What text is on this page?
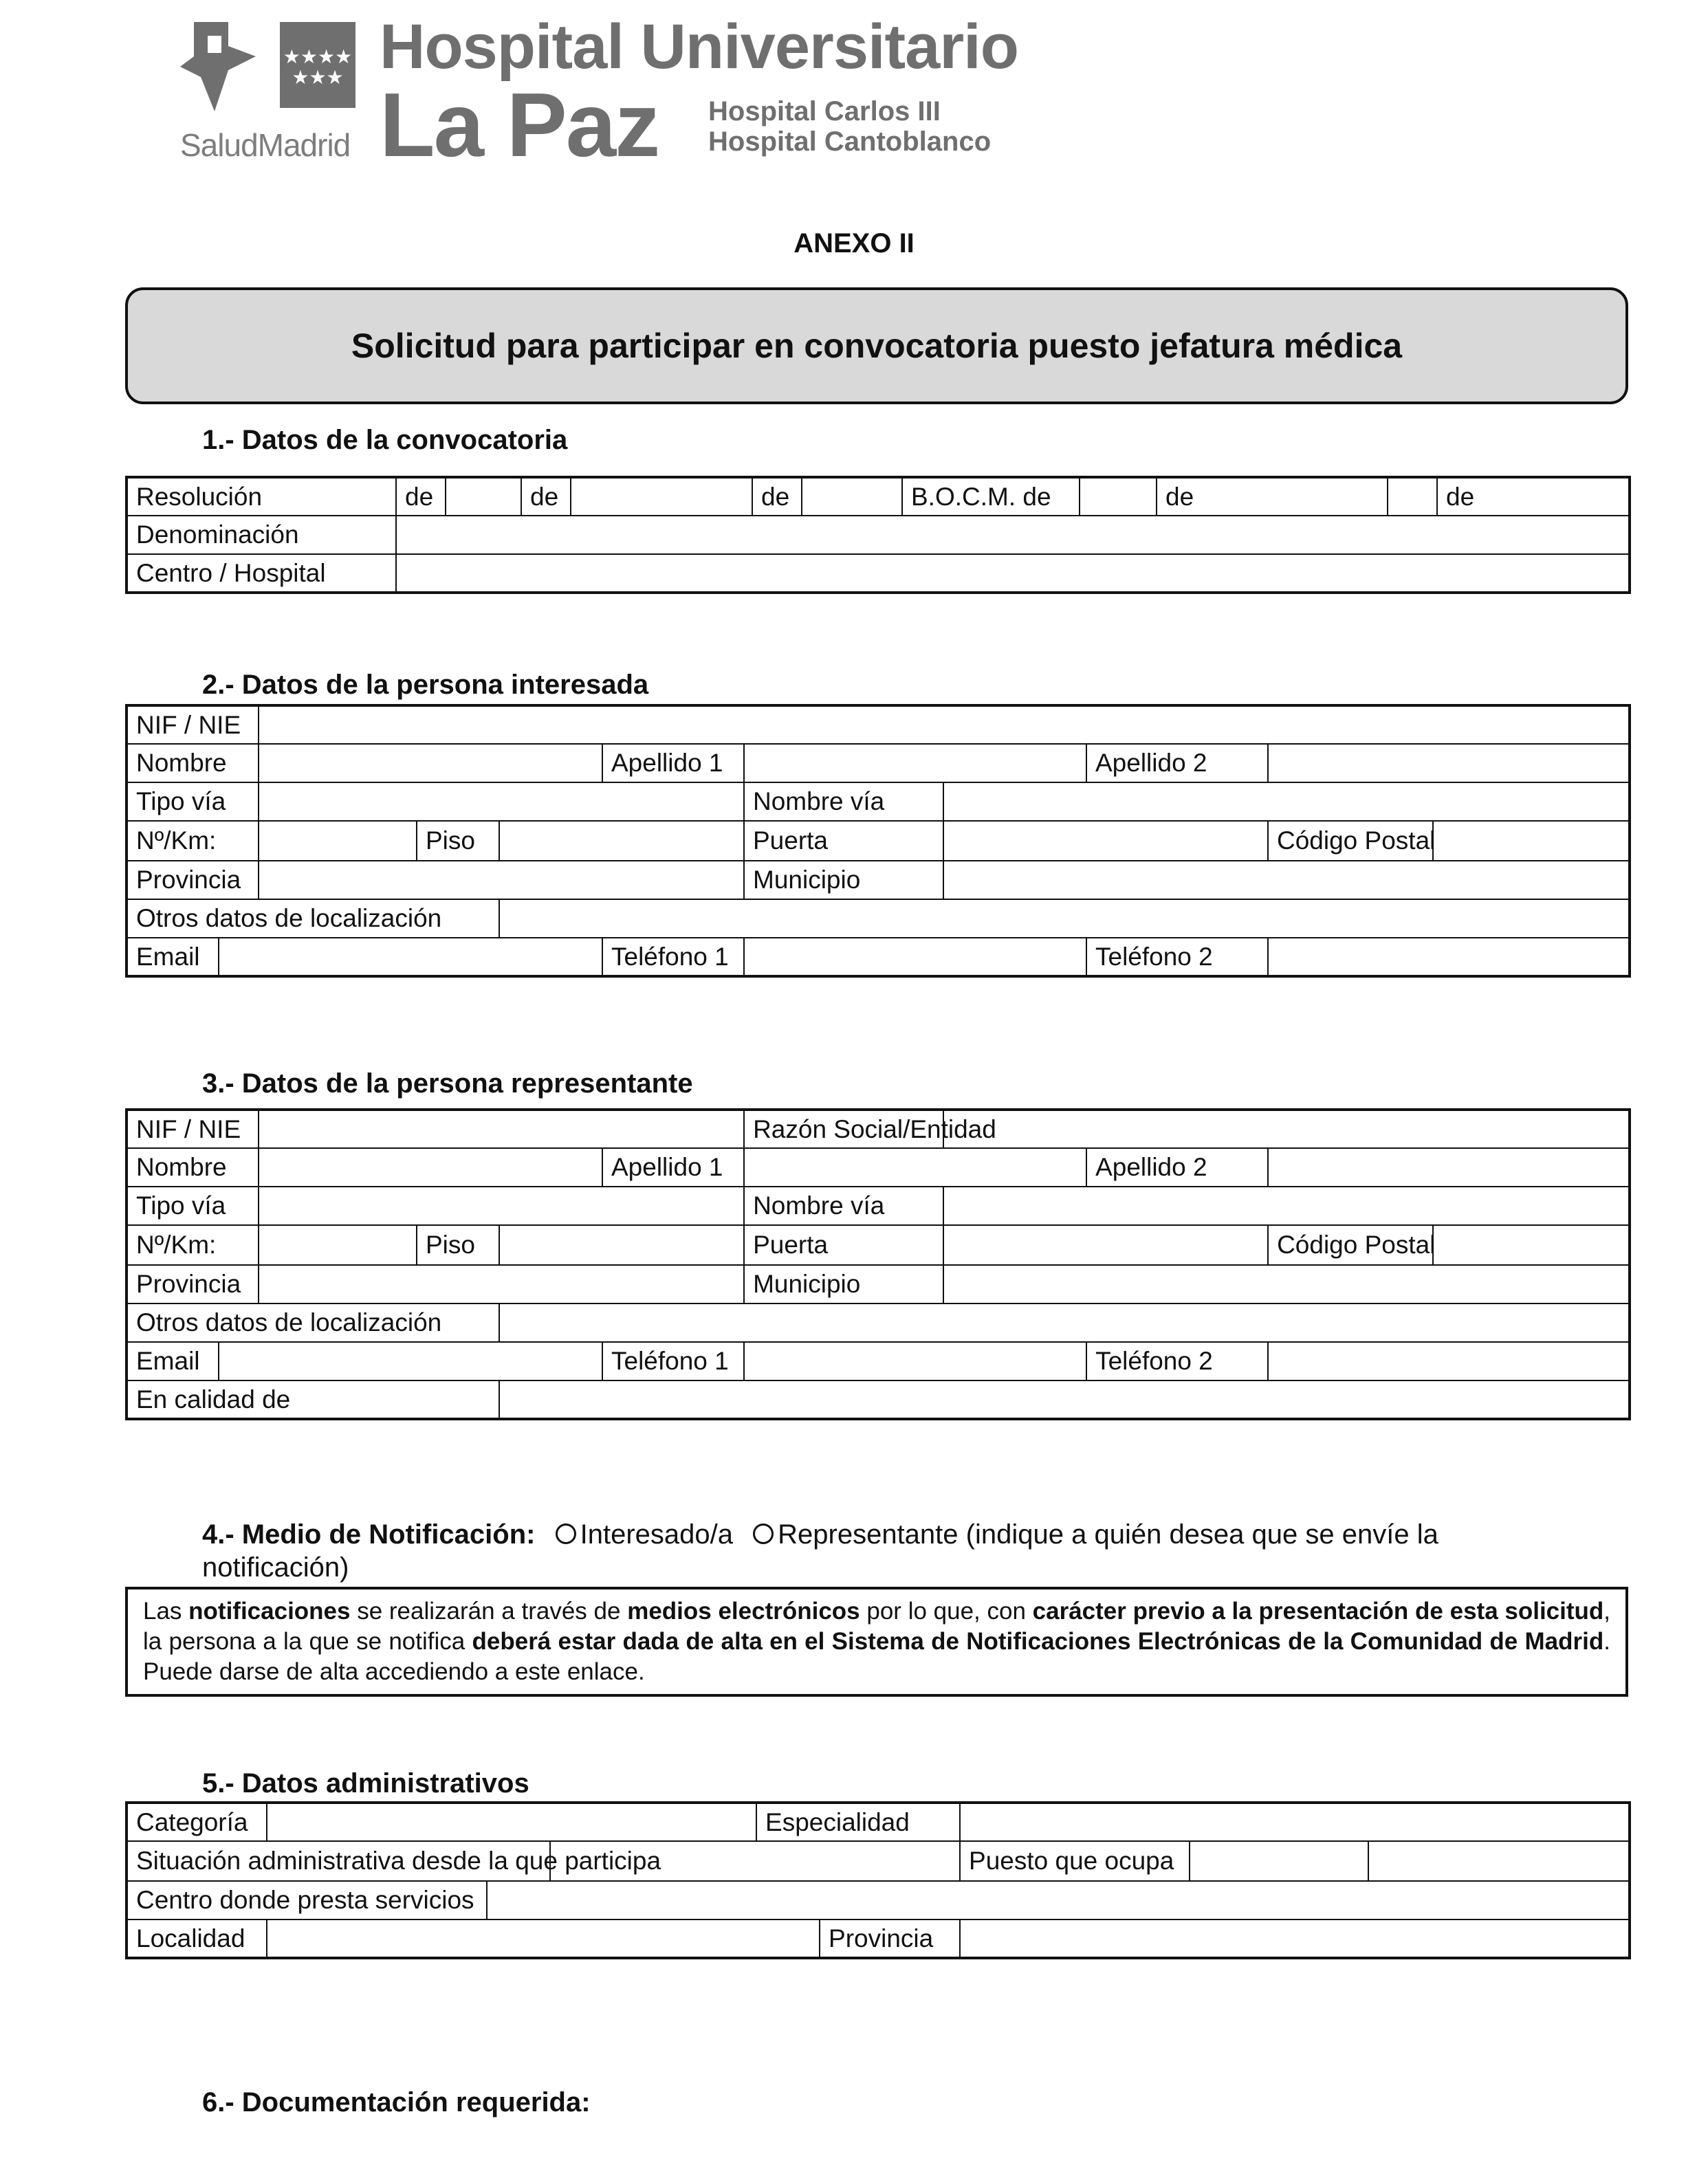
★★★★
★★★
SaludMadrid
Hospital Universitario
La Paz Hospital Carlos III
Hospital Cantoblanco
ANEXO II
Solicitud para participar en convocatoria puesto jefatura médica
1.- Datos de la convocatoria
Resolución	de		de		de		B.O.C.M. de		de		de
Denominación											
Centro / Hospital											
2.- Datos de la persona interesada
NIF / NIE									
Nombre					Apellido 1			Apellido 2	
Tipo vía						Nombre vía			
Nº/Km:			Piso			Puerta			Código Postal

Provincia						Municipio			
Otros datos de localización									
Email					Teléfono 1			Teléfono 2	
3.- Datos de la persona representante
NIF / NIE						Razón Social/Entidad			
Nombre					Apellido 1			Apellido 2	
Tipo vía						Nombre vía			
Nº/Km:			Piso			Puerta			Código Postal

Provincia						Municipio			
Otros datos de localización									
Email					Teléfono 1			Teléfono 2	
En calidad de									
4.- Medio de Notificación: Interesado/a Representante (indique a quién desea que se envíe la notificación)
Las notificaciones se realizarán a través de medios electrónicos por lo que, con carácter previo a la presentación de esta solicitud, la persona a la que se notifica deberá estar dada de alta en el Sistema de Notificaciones Electrónicas de la Comunidad de Madrid. Puede darse de alta accediendo a este enlace.
5.- Datos administrativos
Categoría				Especialidad			
Situación administrativa desde la que participa						Puesto que ocupa	

Centro donde presta servicios							
Localidad					Provincia		
6.- Documentación requerida:
